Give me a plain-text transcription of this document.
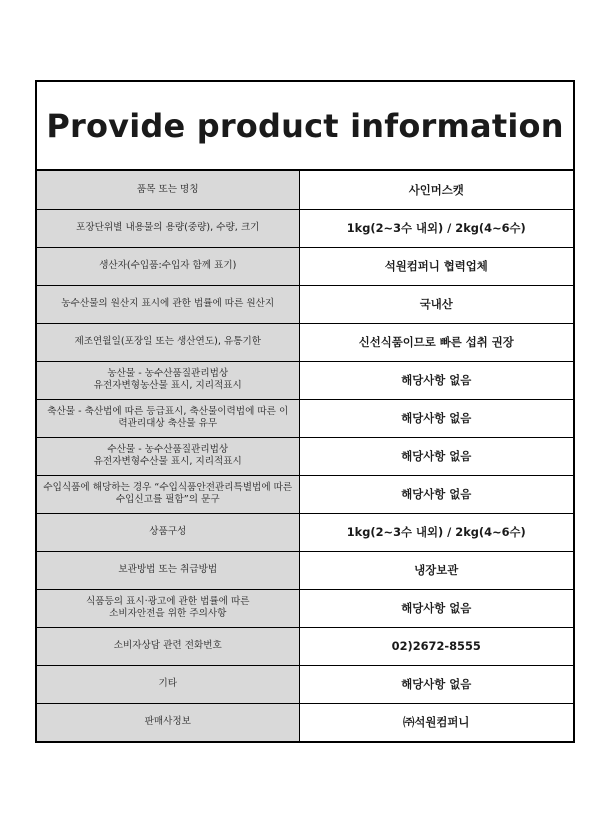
Provide product information
품목 또는 명칭	사인머스캣
포장단위별 내용물의 용량(중량), 수량, 크기	1kg(2~3수 내외) / 2kg(4~6수)
생산자(수입품:수입자 함께 표기)	석원컴퍼니 협력업체
농수산물의 원산지 표시에 관한 법률에 따른 원산지	국내산
제조연월일(포장일 또는 생산연도), 유통기한	신선식품이므로 빠른 섭취 권장
농산물 - 농수산품질관리법상
유전자변형농산물 표시, 지리적표시	해당사항 없음
축산물 - 축산법에 따른 등급표시, 축산물이력법에 따른 이
력관리대상 축산물 유무	해당사항 없음
수산물 - 농수산품질관리법상
유전자변형수산물 표시, 지리적표시	해당사항 없음
수입식품에 해당하는 경우 “수입식품안전관리특별법에 따른
수입신고를 필함”의 문구	해당사항 없음
상품구성	1kg(2~3수 내외) / 2kg(4~6수)
보관방법 또는 취급방법	냉장보관
식품등의 표시·광고에 관한 법률에 따른
소비자안전을 위한 주의사항	해당사항 없음
소비자상담 관련 전화번호	02)2672-8555
기타	해당사항 없음
판매사정보	㈜석원컴퍼니
